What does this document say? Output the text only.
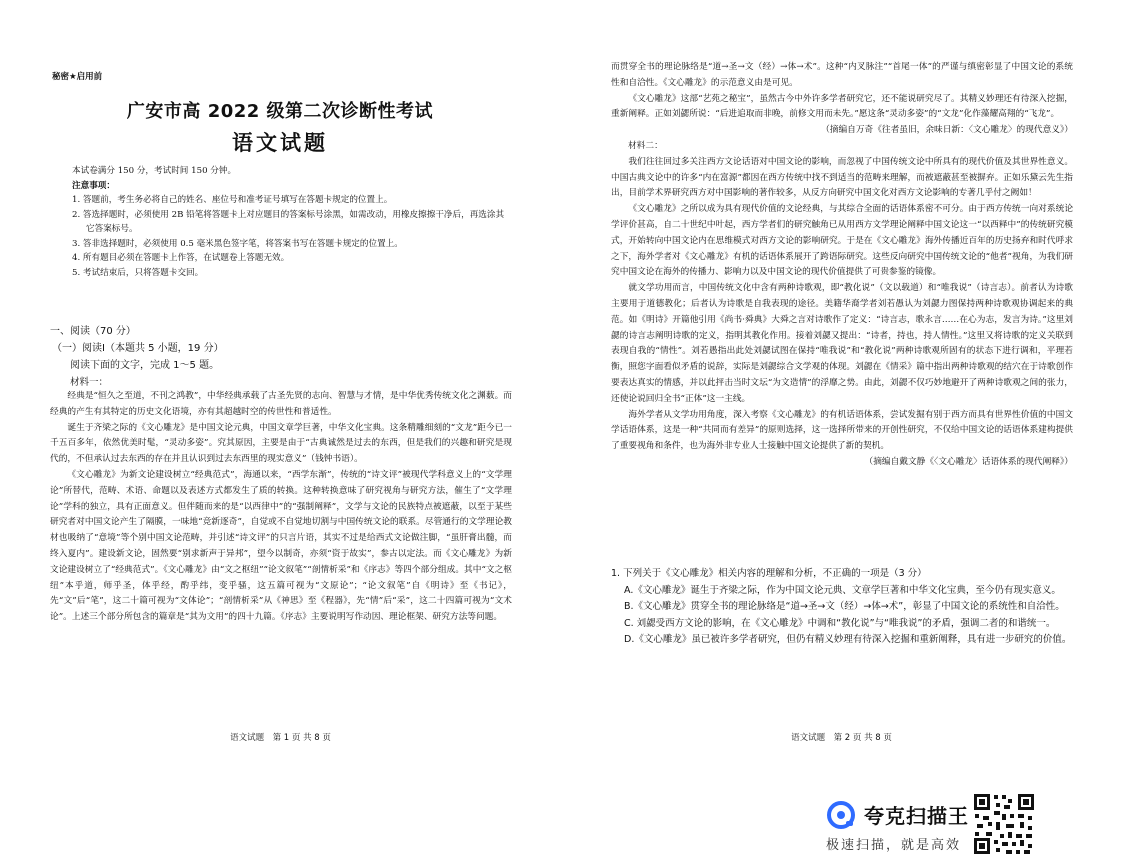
秘密★启用前
广安市高 2022 级第二次诊断性考试
语文试题

本试卷满分 150 分，考试时间 150 分钟。

注意事项：

1. 答题前，考生务必将自己的姓名、座位号和准考证号填写在答题卡规定的位置上。

2. 答选择题时，必须使用 2B 铅笔将答题卡上对应题目的答案标号涂黑，如需改动，用橡皮擦擦干净后，再选涂其它答案标号。

3. 答非选择题时，必须使用 0.5 毫米黑色签字笔，将答案书写在答题卡规定的位置上。

4. 所有题目必须在答题卡上作答，在试题卷上答题无效。

5. 考试结束后，只将答题卡交回。

一、阅读（70 分）
（一）阅读Ⅰ（本题共 5 小题，19 分）
阅读下面的文字，完成 1～5 题。
材料一：

经典是“恒久之至道，不刊之鸿教”，中华经典承载了古圣先贤的志向、智慧与才情，是中华优秀传统文化之渊薮。而经典的产生有其特定的历史文化语境，亦有其超越时空的传世性和普适性。

诞生于齐梁之际的《文心雕龙》是中国文论元典，中国文章学巨著，中华文化宝典。这条精雕细刻的“文龙”距今已一千五百多年，依然优美时髦，“灵动多姿”。究其原因，主要是由于“古典诚然是过去的东西，但是我们的兴趣和研究是现代的，不但承认过去东西的存在并且认识到过去东西里的现实意义”（钱钟书语）。

《文心雕龙》为新文论建设树立“经典范式”，海通以来，“西学东渐”，传统的“诗文评”被现代学科意义上的“文学理论”所替代，范畴、术语、命题以及表述方式都发生了质的转换。这种转换意味了研究视角与研究方法，催生了“文学理论”学科的独立，具有正面意义。但伴随而来的是“以西律中”的“强制阐释”，文学与文论的民族特点被遮蔽，以至于某些研究者对中国文论产生了隔膜，一味地“竞新逐奇”，自觉或不自觉地切割与中国传统文论的联系。尽管通行的文学理论教材也吸纳了“意境”等个别中国文论范畴，并引述“诗文评”的只言片语，其实不过是给西式文论做注脚，“虽肝膏出髓，而终入夏内”。建设新文论，固然要“别求新声于异邦”，望今以制奇，亦须“资于故实”，参古以定法。而《文心雕龙》为新文论建设树立了“经典范式”。《文心雕龙》由“文之枢纽”“论文叙笔”“剖情析采”和《序志》等四个部分组成。其中“文之枢纽”本乎道，师乎圣，体乎经，酌乎纬，变乎骚，这五篇可视为“文原论”；“论文叙笔”自《明诗》至《书记》，先“文”后“笔”，这二十篇可视为“文体论”；“剖情析采”从《神思》至《程器》，先“情”后“采”，这二十四篇可视为“文术论”。上述三个部分所包含的篇章是“其为文用”的四十九篇。《序志》主要说明写作动因、理论框架、研究方法等问题。

语文试题　第 1 页 共 8 页

而贯穿全书的理论脉络是“道→圣→文（经）→体→术”。这种“内叉脉注”“首尾一体”的严谨与缜密彰显了中国文论的系统性和自洽性。《文心雕龙》的示范意义由是可见。

《文心雕龙》这部“艺苑之秘宝”，虽然古今中外许多学者研究它，还不能说研究尽了。其精义妙理还有待深入挖掘，重新阐释。正如刘勰所说：“后进追取而非晚，前修文用而未先。”愿这条“灵动多姿”的“文龙”化作藻耀高翔的“飞龙”。

（摘编自万奇《往者虽旧，余味日新：〈文心雕龙〉的现代意义》）

材料二：

我们往往回过多关注西方文论话语对中国文论的影响，而忽视了中国传统文论中所具有的现代价值及其世界性意义。中国古典文论中的许多“内在富源”都因在西方传统中找不到适当的范畴来理解，而被遮蔽甚至被摒弃。正如乐黛云先生指出，目前学术界研究西方对中国影响的著作较多，从反方向研究中国文化对西方文论影响的专著几乎付之阙如！

《文心雕龙》之所以成为具有现代价值的文论经典，与其综合全面的话语体系密不可分。由于西方传统一向对系统论学评价甚高，自二十世纪中叶起，西方学者们的研究触角已从用西方文学理论阐释中国文论这一“以西释中”的传统研究模式，开始转向中国文论内在思维模式对西方文论的影响研究。于是在《文心雕龙》海外传播近百年的历史扬弃和时代呼求之下，海外学者对《文心雕龙》有机的话语体系展开了跨语际研究。这些反向研究中国传统文论的“他者”视角，为我们研究中国文论在海外的传播力、影响力以及中国文论的现代价值提供了可贵参鉴的镜像。

就文学功用而言，中国传统文化中含有两种诗歌观，即“教化说”（文以载道）和“唯我说”（诗言志）。前者认为诗歌主要用于道德教化；后者认为诗歌是自我表现的途径。美籍华裔学者刘若愚认为刘勰力图保持两种诗歌观协调起来的典范。如《明诗》开篇他引用《尚书·舜典》大舜之言对诗歌作了定义：“诗言志，歌永言……在心为志，发言为诗。”这里刘勰的诗言志阐明诗歌的定义，指明其教化作用。接着刘勰又提出：“诗者，持也，持人情性。”这里又将诗歌的定义关联到表现自我的“情性”。刘若愚指出此处刘勰试图在保持“唯我说”和“教化说”两种诗歌观所固有的状态下进行调和，平理若衡，照您字面看似矛盾的说辞，实际是刘勰综合文学观的体现。刘勰在《情采》篇中指出两种诗歌观的结穴在于诗歌创作要表达真实的情感，并以此抨击当时文坛“为文造情”的浮靡之势。由此，刘勰不仅巧妙地避开了两种诗歌观之间的张力，还使论说回归全书“正体”这一主线。

海外学者从文学功用角度，深入考察《文心雕龙》的有机话语体系，尝试发掘有别于西方而具有世界性价值的中国文学话语体系，这是一种“共同而有差异”的原则选择，这一选择所带来的开创性研究，不仅给中国文论的话语体系建构提供了重要视角和条件，也为海外非专业人士接触中国文论提供了新的契机。

（摘编自戴文静《〈文心雕龙〉话语体系的现代阐释》）

1. 下列关于《文心雕龙》相关内容的理解和分析，不正确的一项是（3 分）

A.《文心雕龙》诞生于齐梁之际，作为中国文论元典、文章学巨著和中华文化宝典，至今仍有现实意义。

B.《文心雕龙》贯穿全书的理论脉络是“道→圣→文（经）→体→术”，彰显了中国文论的系统性和自洽性。

C. 刘勰受西方文论的影响，在《文心雕龙》中调和“教化说”与“唯我说”的矛盾，强调二者的和谐统一。

D.《文心雕龙》虽已被许多学者研究，但仍有精义妙理有待深入挖掘和重新阐释，具有进一步研究的价值。

语文试题　第 2 页 共 8 页
夸克扫描王
极速扫描，就是高效
